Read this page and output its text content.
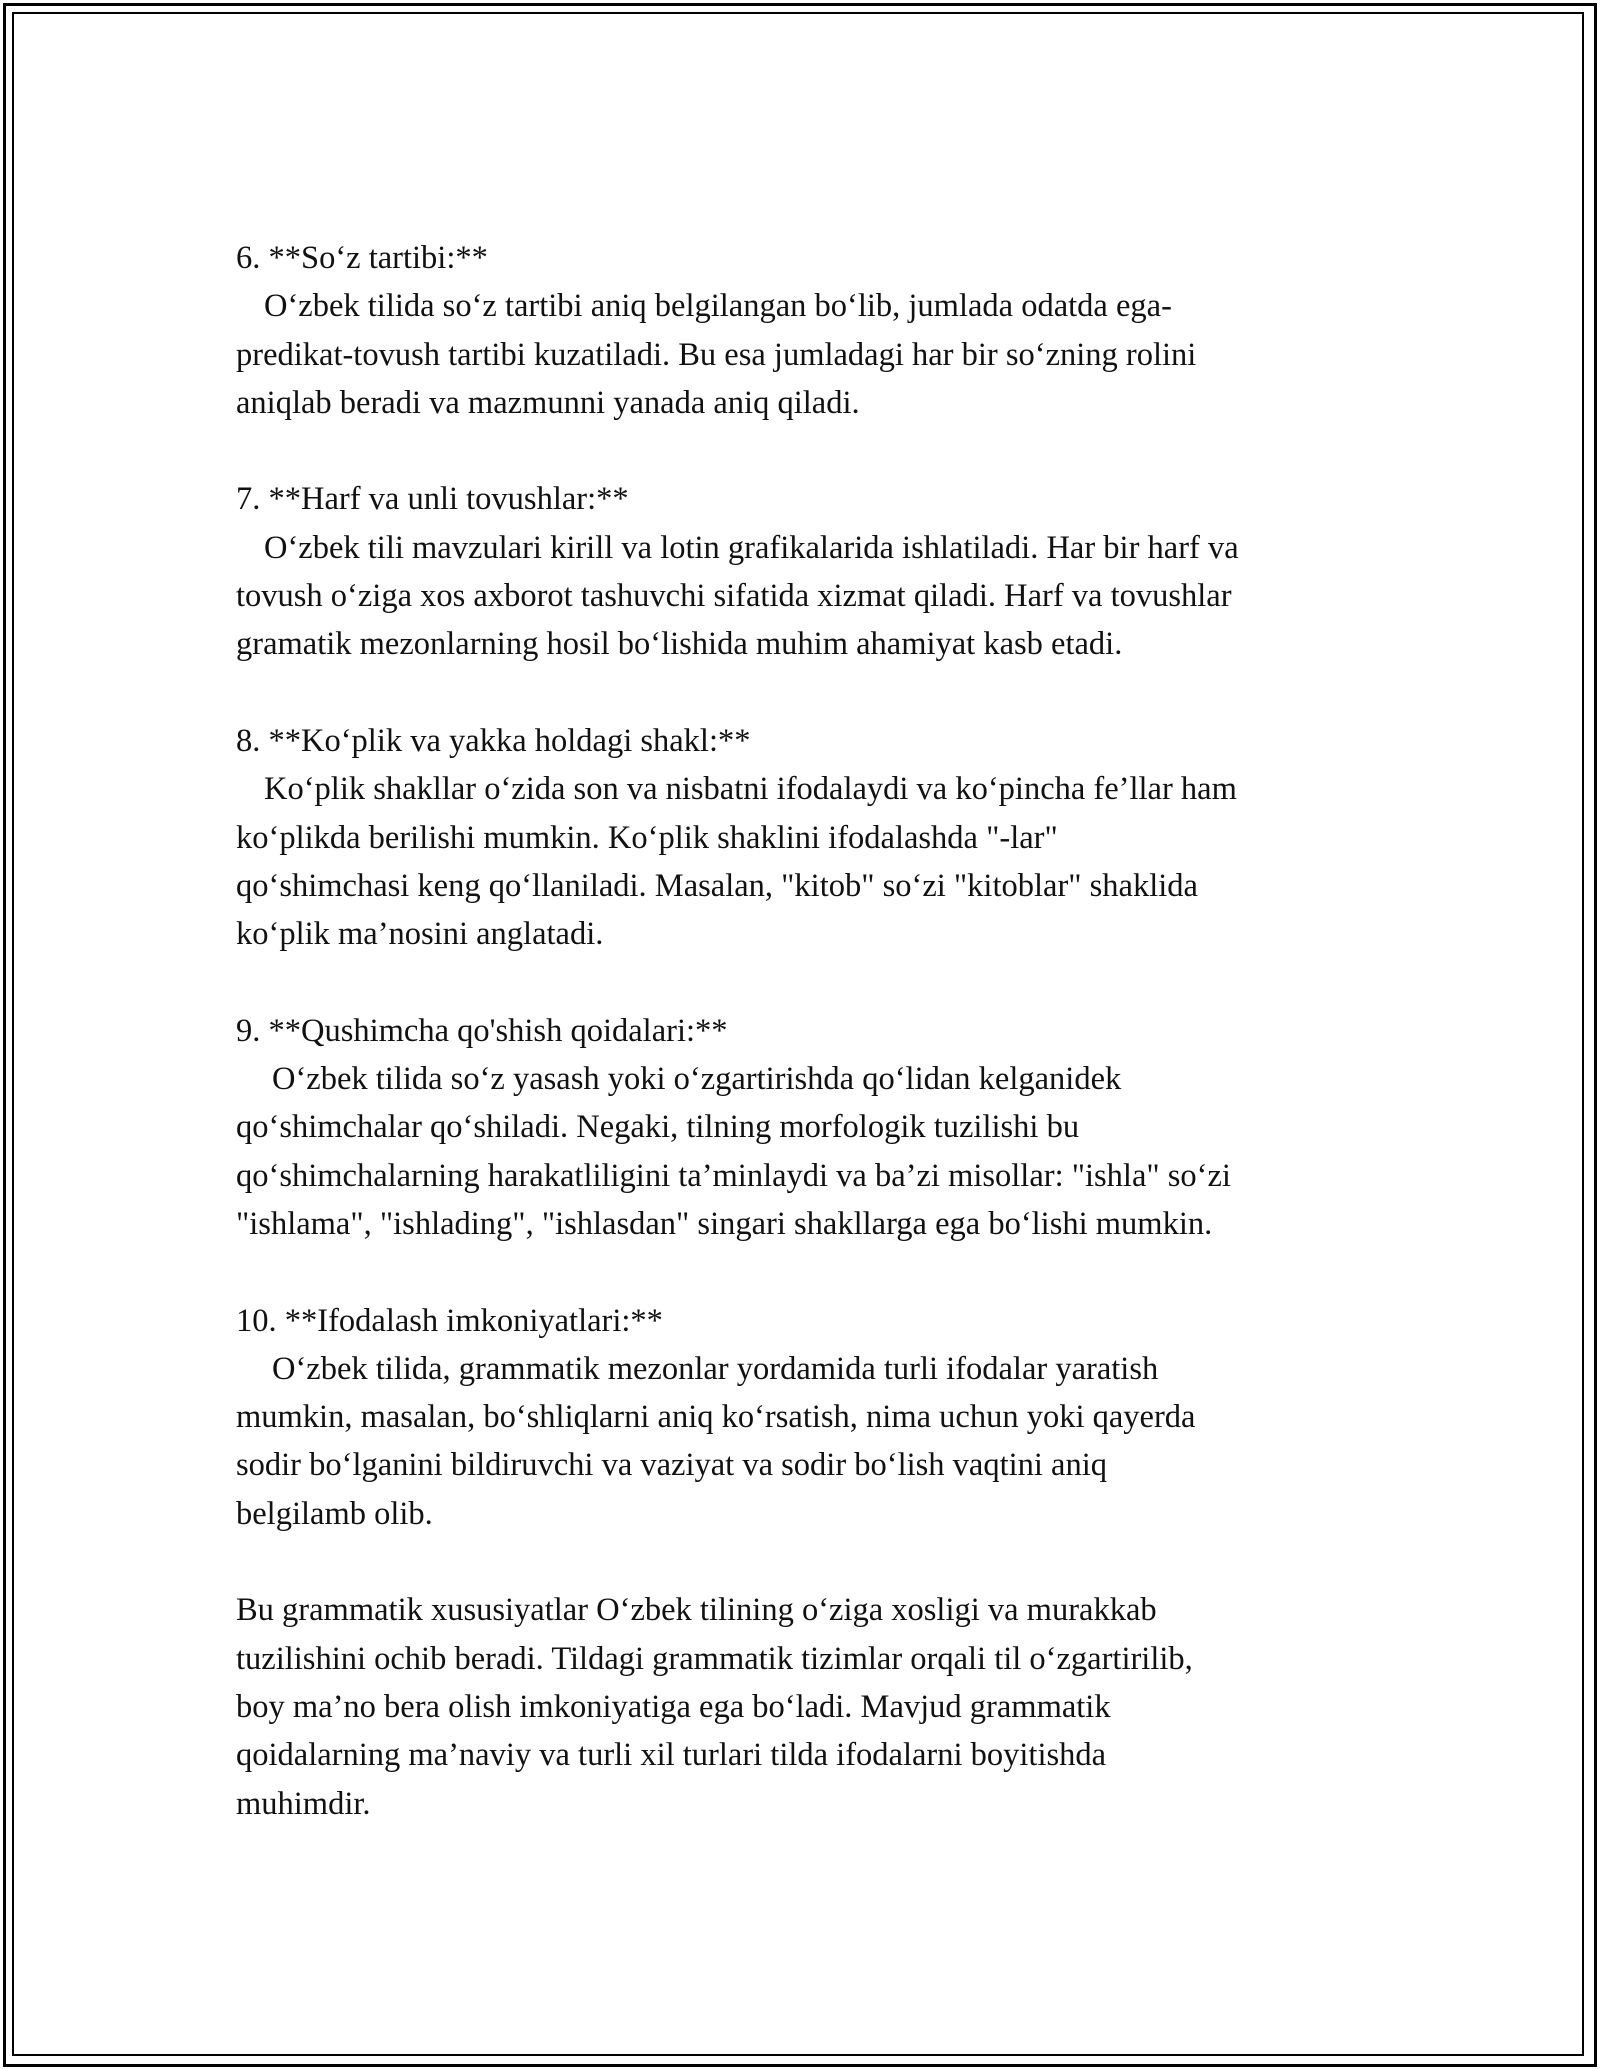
6. **So‘z tartibi:**
O‘zbek tilida so‘z tartibi aniq belgilangan bo‘lib, jumlada odatda ega-
predikat-tovush tartibi kuzatiladi. Bu esa jumladagi har bir so‘zning rolini
aniqlab beradi va mazmunni yanada aniq qiladi.
7. **Harf va unli tovushlar:**
O‘zbek tili mavzulari kirill va lotin grafikalarida ishlatiladi. Har bir harf va
tovush o‘ziga xos axborot tashuvchi sifatida xizmat qiladi. Harf va tovushlar
gramatik mezonlarning hosil bo‘lishida muhim ahamiyat kasb etadi.
8. **Ko‘plik va yakka holdagi shakl:**
Ko‘plik shakllar o‘zida son va nisbatni ifodalaydi va ko‘pincha fe’llar ham
ko‘plikda berilishi mumkin. Ko‘plik shaklini ifodalashda "-lar"
qo‘shimchasi keng qo‘llaniladi. Masalan, "kitob" so‘zi "kitoblar" shaklida
ko‘plik ma’nosini anglatadi.
9. **Qushimcha qo'shish qoidalari:**
O‘zbek tilida so‘z yasash yoki o‘zgartirishda qo‘lidan kelganidek
qo‘shimchalar qo‘shiladi. Negaki, tilning morfologik tuzilishi bu
qo‘shimchalarning harakatliligini ta’minlaydi va ba’zi misollar: "ishla" so‘zi
"ishlama", "ishlading", "ishlasdan" singari shakllarga ega bo‘lishi mumkin.
10. **Ifodalash imkoniyatlari:**
O‘zbek tilida, grammatik mezonlar yordamida turli ifodalar yaratish
mumkin, masalan, bo‘shliqlarni aniq ko‘rsatish, nima uchun yoki qayerda
sodir bo‘lganini bildiruvchi va vaziyat va sodir bo‘lish vaqtini aniq
belgilamb olib.
Bu grammatik xususiyatlar O‘zbek tilining o‘ziga xosligi va murakkab
tuzilishini ochib beradi. Tildagi grammatik tizimlar orqali til o‘zgartirilib,
boy ma’no bera olish imkoniyatiga ega bo‘ladi. Mavjud grammatik
qoidalarning ma’naviy va turli xil turlari tilda ifodalarni boyitishda
muhimdir.
